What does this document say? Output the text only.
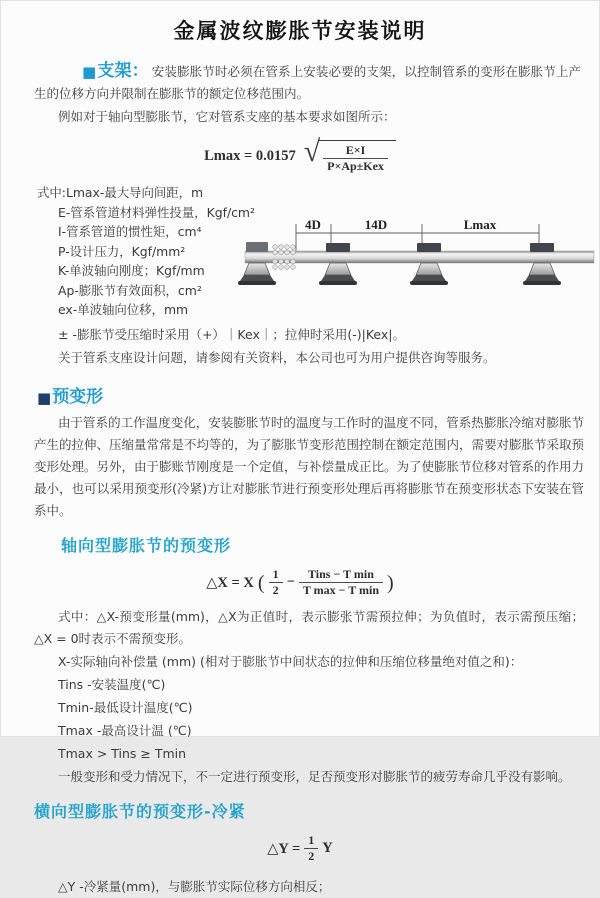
金属波纹膨胀节安装说明

■支架： 安装膨胀节时必须在管系上安装必要的支架，以控制管系的变形在膨胀节上产生的位移方向并限制在膨胀节的额定位移范围内。

例如对于轴向型膨胀节，它对管系支座的基本要求如图所示：

Lmax = 0.0157 √ $\frac{E\times I}{\text{P×Ap±Kex}}$
式中:Lmax-最大导向间距，m
E-管系管道材料弹性投量，Kgf/cm²
I-管系管道的惯性矩，cm⁴
P-设计压力，Kgf/mm²
K-单波轴向刚度；Kgf/mm
Ap-膨胀节有效面积，cm²
ex-单波轴向位移，mm
4D	14D	Lmax

± -膨胀节受压缩时采用（+）｜Kex｜；拉伸时采用(-)|Kex|。

关于管系支座设计问题，请参阅有关资料，本公司也可为用户提供咨询等服务。

■预变形

由于管系的工作温度变化，安装膨胀节时的温度与工作时的温度不同，管系热膨胀冷缩对膨胀节产生的拉伸、压缩量常常是不均等的，为了膨胀节变形范围控制在额定范围内，需要对膨胀节采取预变形处理。另外，由于膨账节刚度是一个定值，与补偿量成正比。为了使膨胀节位移对管系的作用力最小，也可以采用预变形(冷紧)方让对膨胀节进行预变形处理后再将膨胀节在预变形状态下安装在管系中。

轴向型膨胀节的预变形
△X = X ( $\frac{1}{2} - \frac{\text{Tins − T min}}{\text{T max − T min}}$ )

式中：△X-预变形量(mm)，△X为正值时，表示膨张节需预拉伸；为负值时，表示需预压缩；△X = 0时表示不需预变形。

X-实际轴向补偿量 (mm) (相对于膨胀节中间状态的拉伸和压缩位移量绝对值之和)：

Tins -安装温度(℃)

Tmin-最低设计温度(℃)

Tmax -最高设计温 (℃)

Tmax > Tins ≥ Tmin

一般变形和受力情况下，不一定进行预变形，足否预变形对膨胀节的疲劳寿命几乎没有影响。

横向型膨胀节的预变形-冷紧
△Y = $\frac{1}{2}$ Y

△Y -冷紧量(mm)，与膨胀节实际位移方向相反；
